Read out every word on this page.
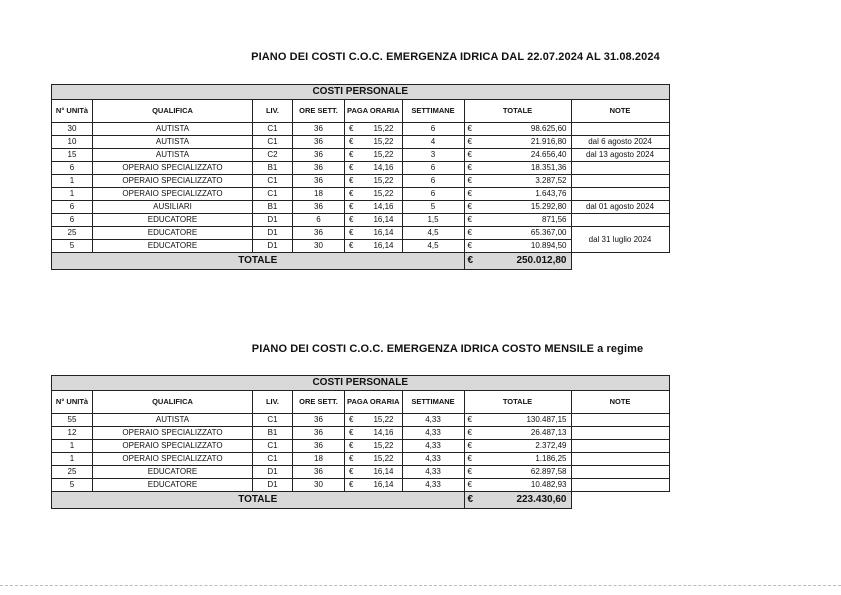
PIANO DEI COSTI C.O.C. EMERGENZA IDRICA DAL 22.07.2024 AL 31.08.2024
COSTI PERSONALE							
N° UNITà	QUALIFICA	LIV.	ORE SETT.	PAGA ORARIA	SETTIMANE	TOTALE	NOTE
30	AUTISTA	C1	36	€ 15,22	6	€ 98.625,60	

10	AUTISTA	C1	36	€ 15,22	4	€ 21.916,80	dal 6 agosto 2024
15	AUTISTA	C2	36	€ 15,22	3	€ 24.656,40	dal 13 agosto 2024
6	OPERAIO SPECIALIZZATO	B1	36	€ 14,16	6	€ 18.351,36	

1	OPERAIO SPECIALIZZATO	C1	36	€ 15,22	6	€ 3.287,52	

1	OPERAIO SPECIALIZZATO	C1	18	€ 15,22	6	€ 1.643,76	

6	AUSILIARI	B1	36	€ 14,16	5	€ 15.292,80	dal 01 agosto 2024
6	EDUCATORE	D1	6	€ 16,14	1,5	€ 871,56	

25	EDUCATORE	D1	36	€ 16,14	4,5	€ 65.367,00	dal 31 luglio 2024
5	EDUCATORE	D1	30	€ 16,14	4,5	€ 10.894,50	

TOTALE						€ 250.012,80	

PIANO DEI COSTI C.O.C. EMERGENZA IDRICA COSTO MENSILE a regime
COSTI PERSONALE							
N° UNITà	QUALIFICA	LIV.	ORE SETT.	PAGA ORARIA	SETTIMANE	TOTALE	NOTE
55	AUTISTA	C1	36	€ 15,22	4,33	€ 130.487,15	

12	OPERAIO SPECIALIZZATO	B1	36	€ 14,16	4,33	€ 26.487,13	

1	OPERAIO SPECIALIZZATO	C1	36	€ 15,22	4,33	€ 2.372,49	

1	OPERAIO SPECIALIZZATO	C1	18	€ 15,22	4,33	€ 1.186,25	

25	EDUCATORE	D1	36	€ 16,14	4,33	€ 62.897,58	

5	EDUCATORE	D1	30	€ 16,14	4,33	€ 10.482,93	

TOTALE						€ 223.430,60	
